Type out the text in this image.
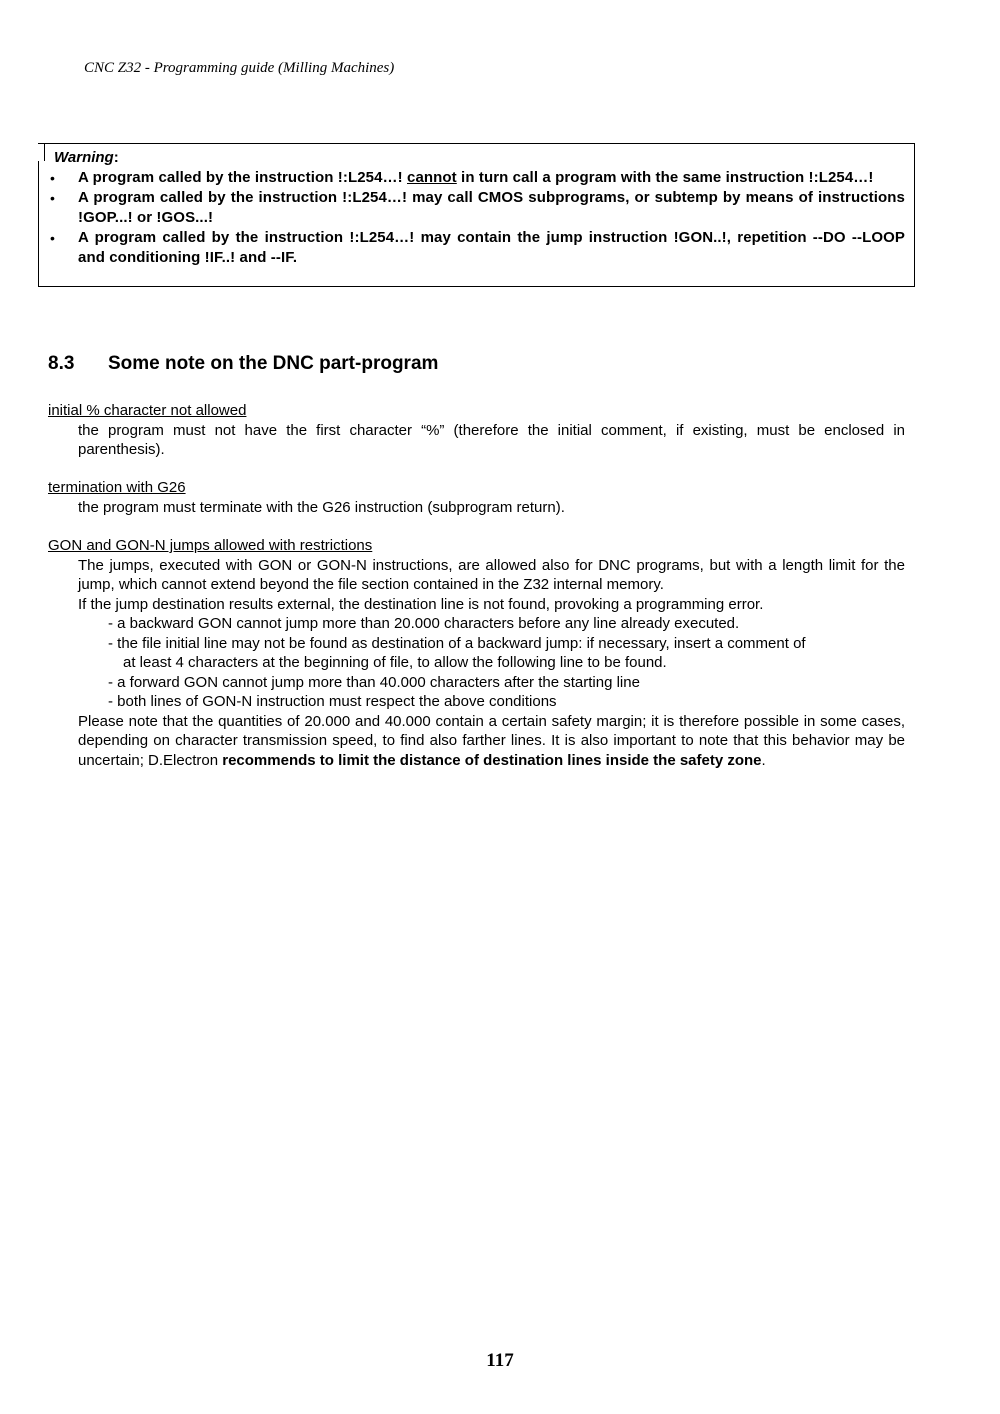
CNC Z32 - Programming guide (Milling Machines)
Warning:
• A program called by the instruction !:L254…! cannot in turn call a program with the same instruction !:L254…!
• A program called by the instruction !:L254…! may call CMOS subprograms, or subtemp by means of instructions !GOP...! or !GOS...!
• A program called by the instruction !:L254…! may contain the jump instruction !GON..!, repetition --DO --LOOP and conditioning !IF..! and --IF.
8.3 Some note on the DNC part-program
initial % character not allowed
the program must not have the first character “%” (therefore the initial comment, if existing, must be enclosed in parenthesis).
termination with G26
the program must terminate with the G26 instruction (subprogram return).
GON and GON-N jumps allowed with restrictions
The jumps, executed with GON or GON-N instructions, are allowed also for DNC programs, but with a length limit for the jump, which cannot extend beyond the file section contained in the Z32 internal memory.
If the jump destination results external, the destination line is not found, provoking a programming error.
- a backward GON cannot jump more than 20.000 characters before any line already executed.
- the file initial line may not be found as destination of a backward jump: if necessary, insert a comment of
at least 4 characters at the beginning of file, to allow the following line to be found.
- a forward GON cannot jump more than 40.000 characters after the starting line
- both lines of GON-N instruction must respect the above conditions
Please note that the quantities of 20.000 and 40.000 contain a certain safety margin; it is therefore possible in some cases, depending on character transmission speed, to find also farther lines. It is also important to note that this behavior may be uncertain; D.Electron recommends to limit the distance of destination lines inside the safety zone.
117
